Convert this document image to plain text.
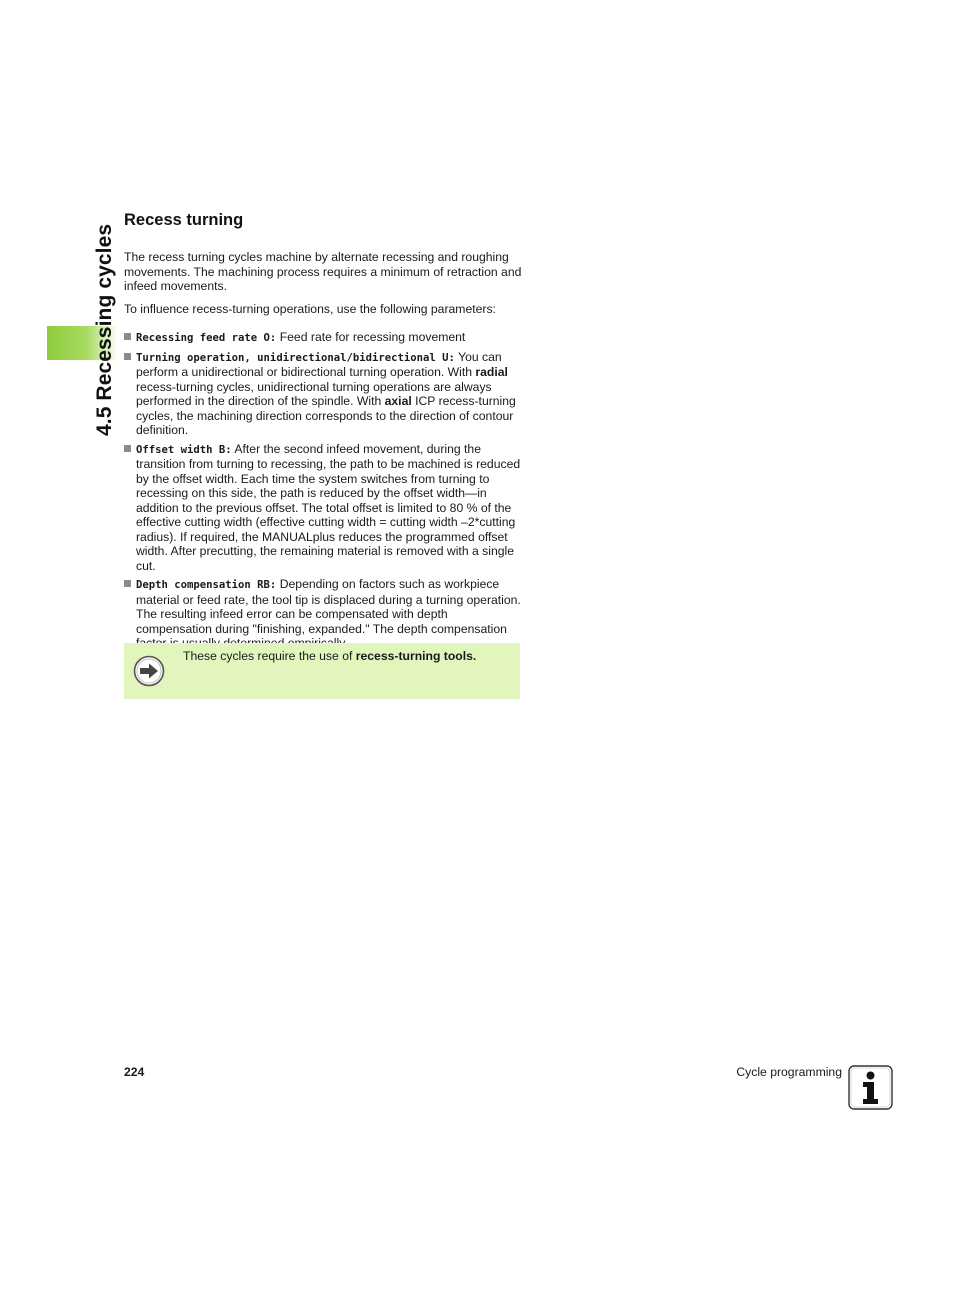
4.5 Recessing cycles
Recess turning

The recess turning cycles machine by alternate recessing and roughing movements. The machining process requires a minimum of retraction and infeed movements.

To influence recess-turning operations, use the following parameters:

Recessing feed rate O: Feed rate for recessing movement
Turning operation, unidirectional/bidirectional U: You can perform a unidirectional or bidirectional turning operation. With radial recess-turning cycles, unidirectional turning operations are always performed in the direction of the spindle. With axial ICP recess-turning cycles, the machining direction corresponds to the direction of contour definition.
Offset width B: After the second infeed movement, during the transition from turning to recessing, the path to be machined is reduced by the offset width. Each time the system switches from turning to recessing on this side, the path is reduced by the offset width—in addition to the previous offset. The total offset is limited to 80 % of the effective cutting width (effective cutting width = cutting width –2*cutting radius). If required, the MANUALplus reduces the programmed offset width. After precutting, the remaining material is removed with a single cut.
Depth compensation RB: Depending on factors such as workpiece material or feed rate, the tool tip is displaced during a turning operation. The resulting infeed error can be compensated with depth compensation during "finishing, expanded." The depth compensation
These cycles require the use of recess-turning tools.
224	Cycle programming
